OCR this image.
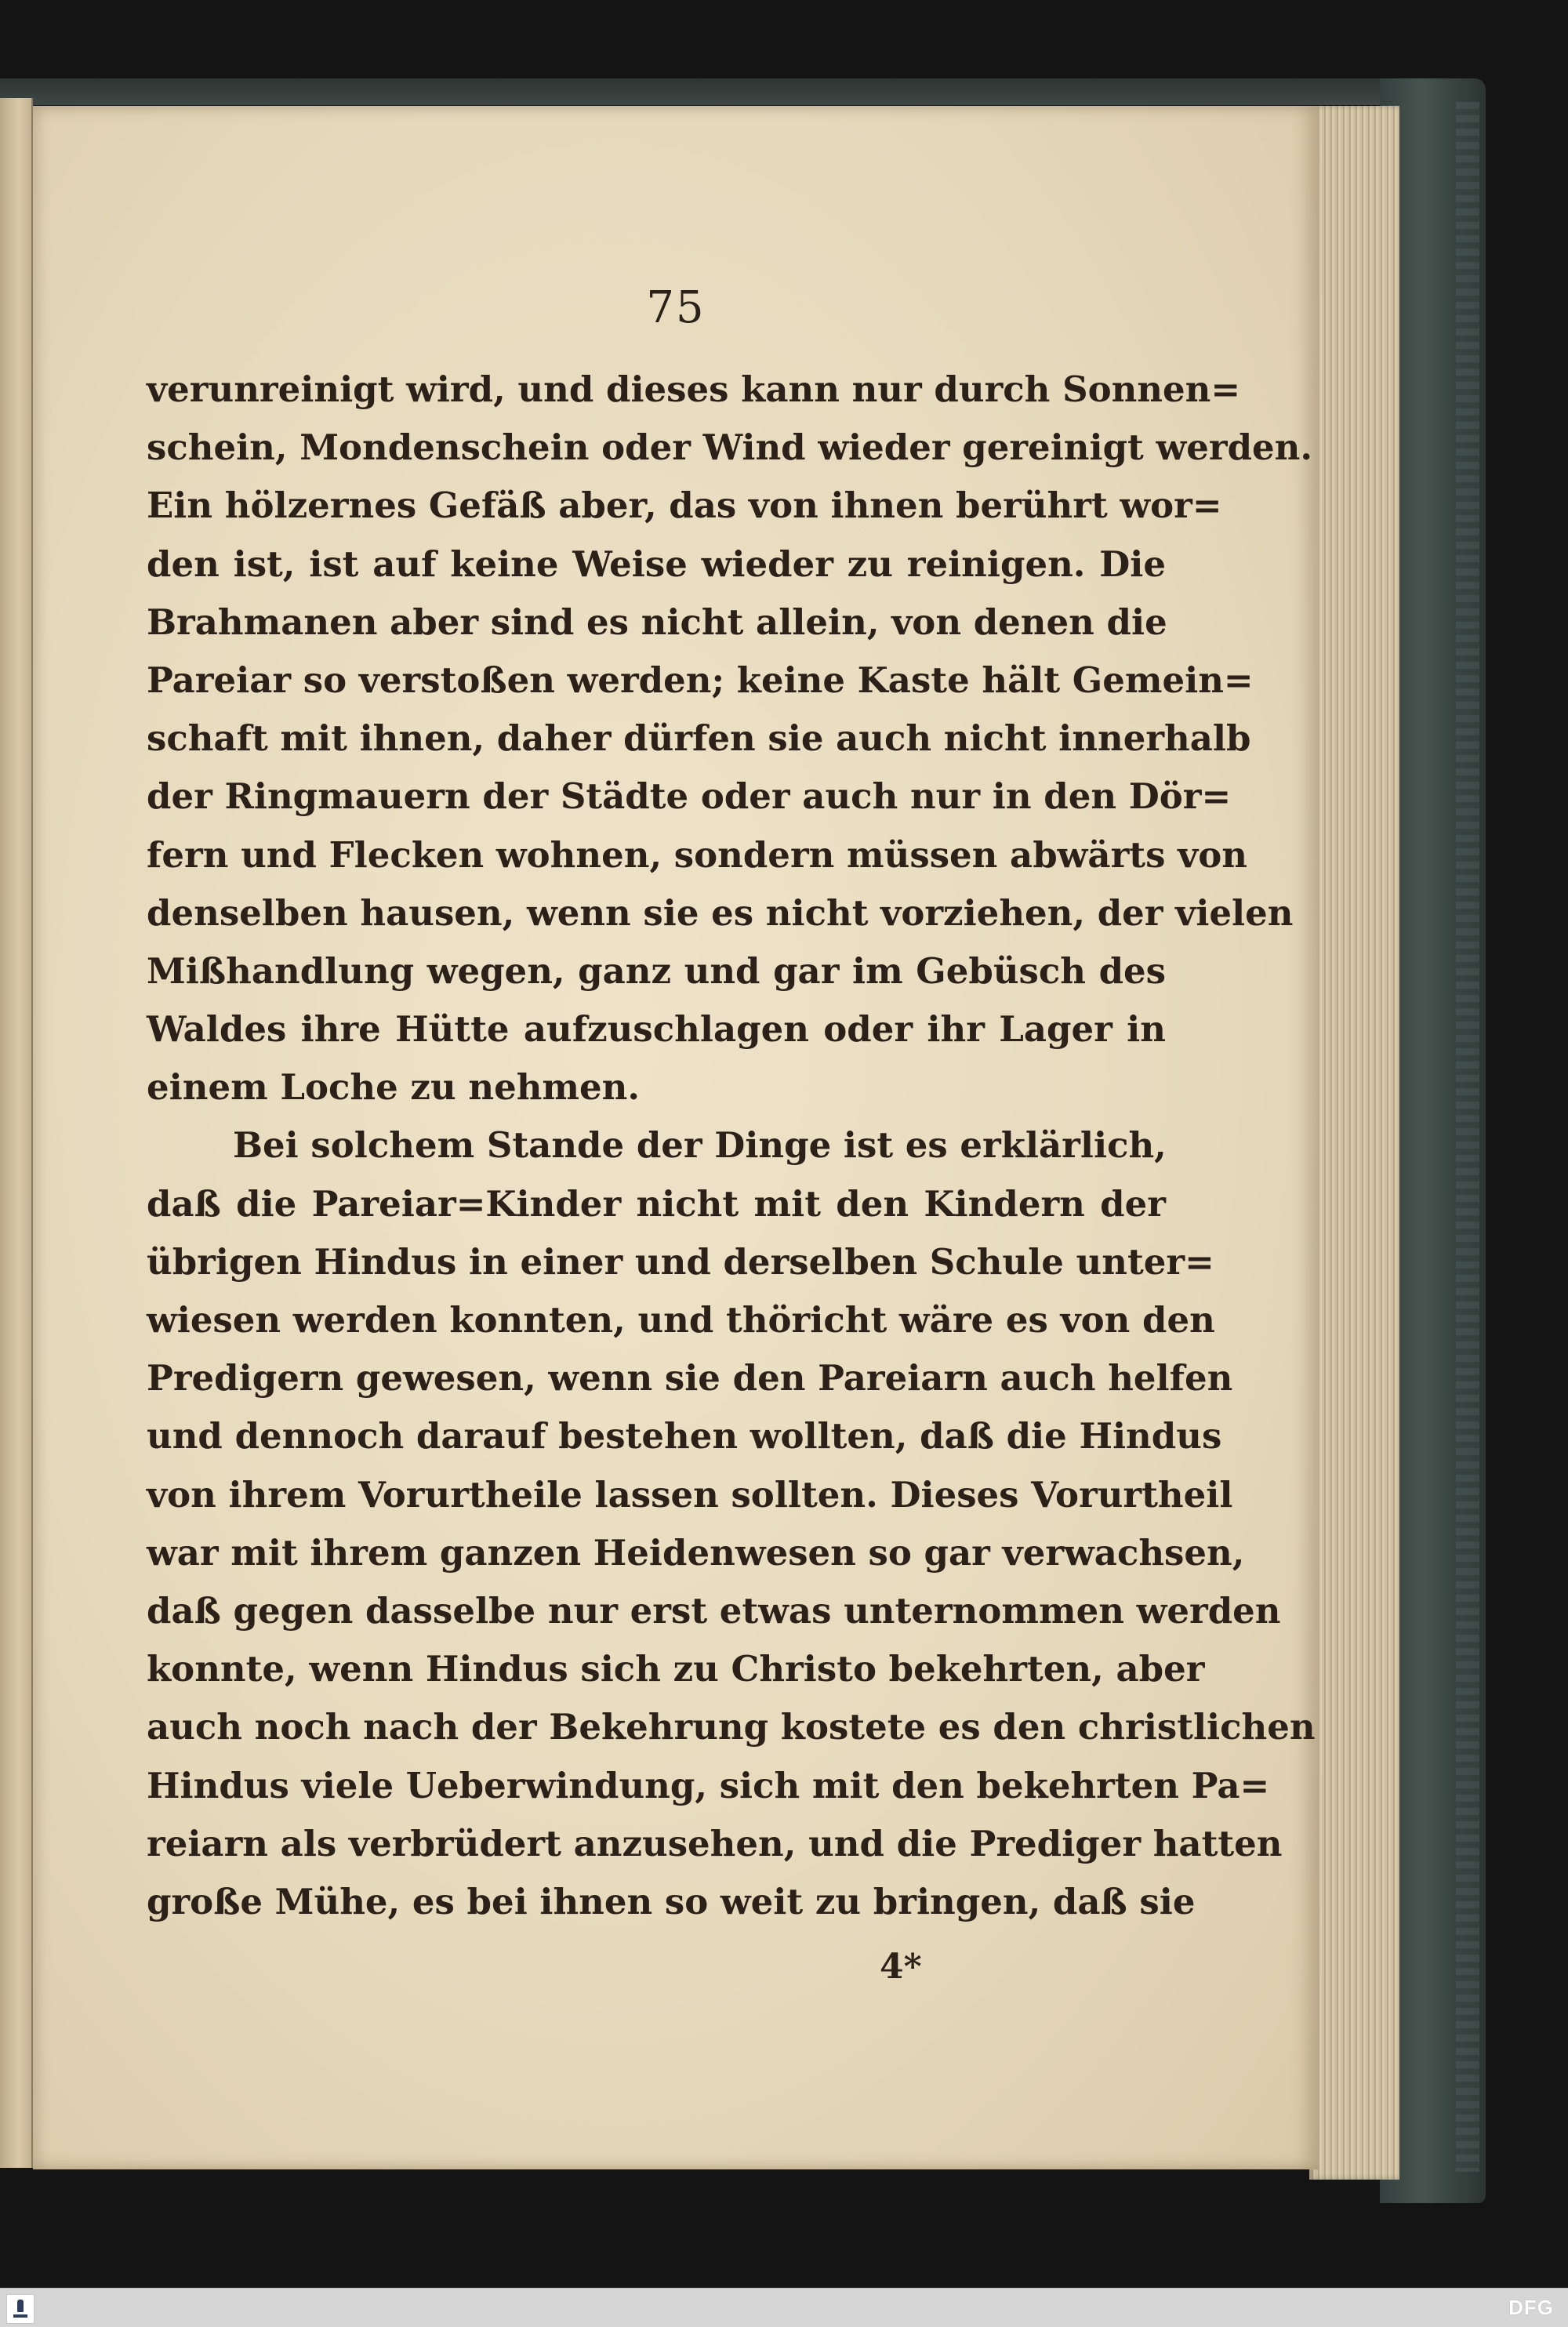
75
verunreinigt wird, und dieses kann nur durch Sonnen=
schein, Mondenschein oder Wind wieder gereinigt werden.
Ein hölzernes Gefäß aber, das von ihnen berührt wor=
den ist, ist auf keine Weise wieder zu reinigen. Die
Brahmanen aber sind es nicht allein, von denen die
Pareiar so verstoßen werden; keine Kaste hält Gemein=
schaft mit ihnen, daher dürfen sie auch nicht innerhalb
der Ringmauern der Städte oder auch nur in den Dör=
fern und Flecken wohnen, sondern müssen abwärts von
denselben hausen, wenn sie es nicht vorziehen, der vielen
Mißhandlung wegen, ganz und gar im Gebüsch des
Waldes ihre Hütte aufzuschlagen oder ihr Lager in
einem Loche zu nehmen.
Bei solchem Stande der Dinge ist es erklärlich,
daß die Pareiar=Kinder nicht mit den Kindern der
übrigen Hindus in einer und derselben Schule unter=
wiesen werden konnten, und thöricht wäre es von den
Predigern gewesen, wenn sie den Pareiarn auch helfen
und dennoch darauf bestehen wollten, daß die Hindus
von ihrem Vorurtheile lassen sollten. Dieses Vorurtheil
war mit ihrem ganzen Heidenwesen so gar verwachsen,
daß gegen dasselbe nur erst etwas unternommen werden
konnte, wenn Hindus sich zu Christo bekehrten, aber
auch noch nach der Bekehrung kostete es den christlichen
Hindus viele Ueberwindung, sich mit den bekehrten Pa=
reiarn als verbrüdert anzusehen, und die Prediger hatten
große Mühe, es bei ihnen so weit zu bringen, daß sie
4*
DFG
